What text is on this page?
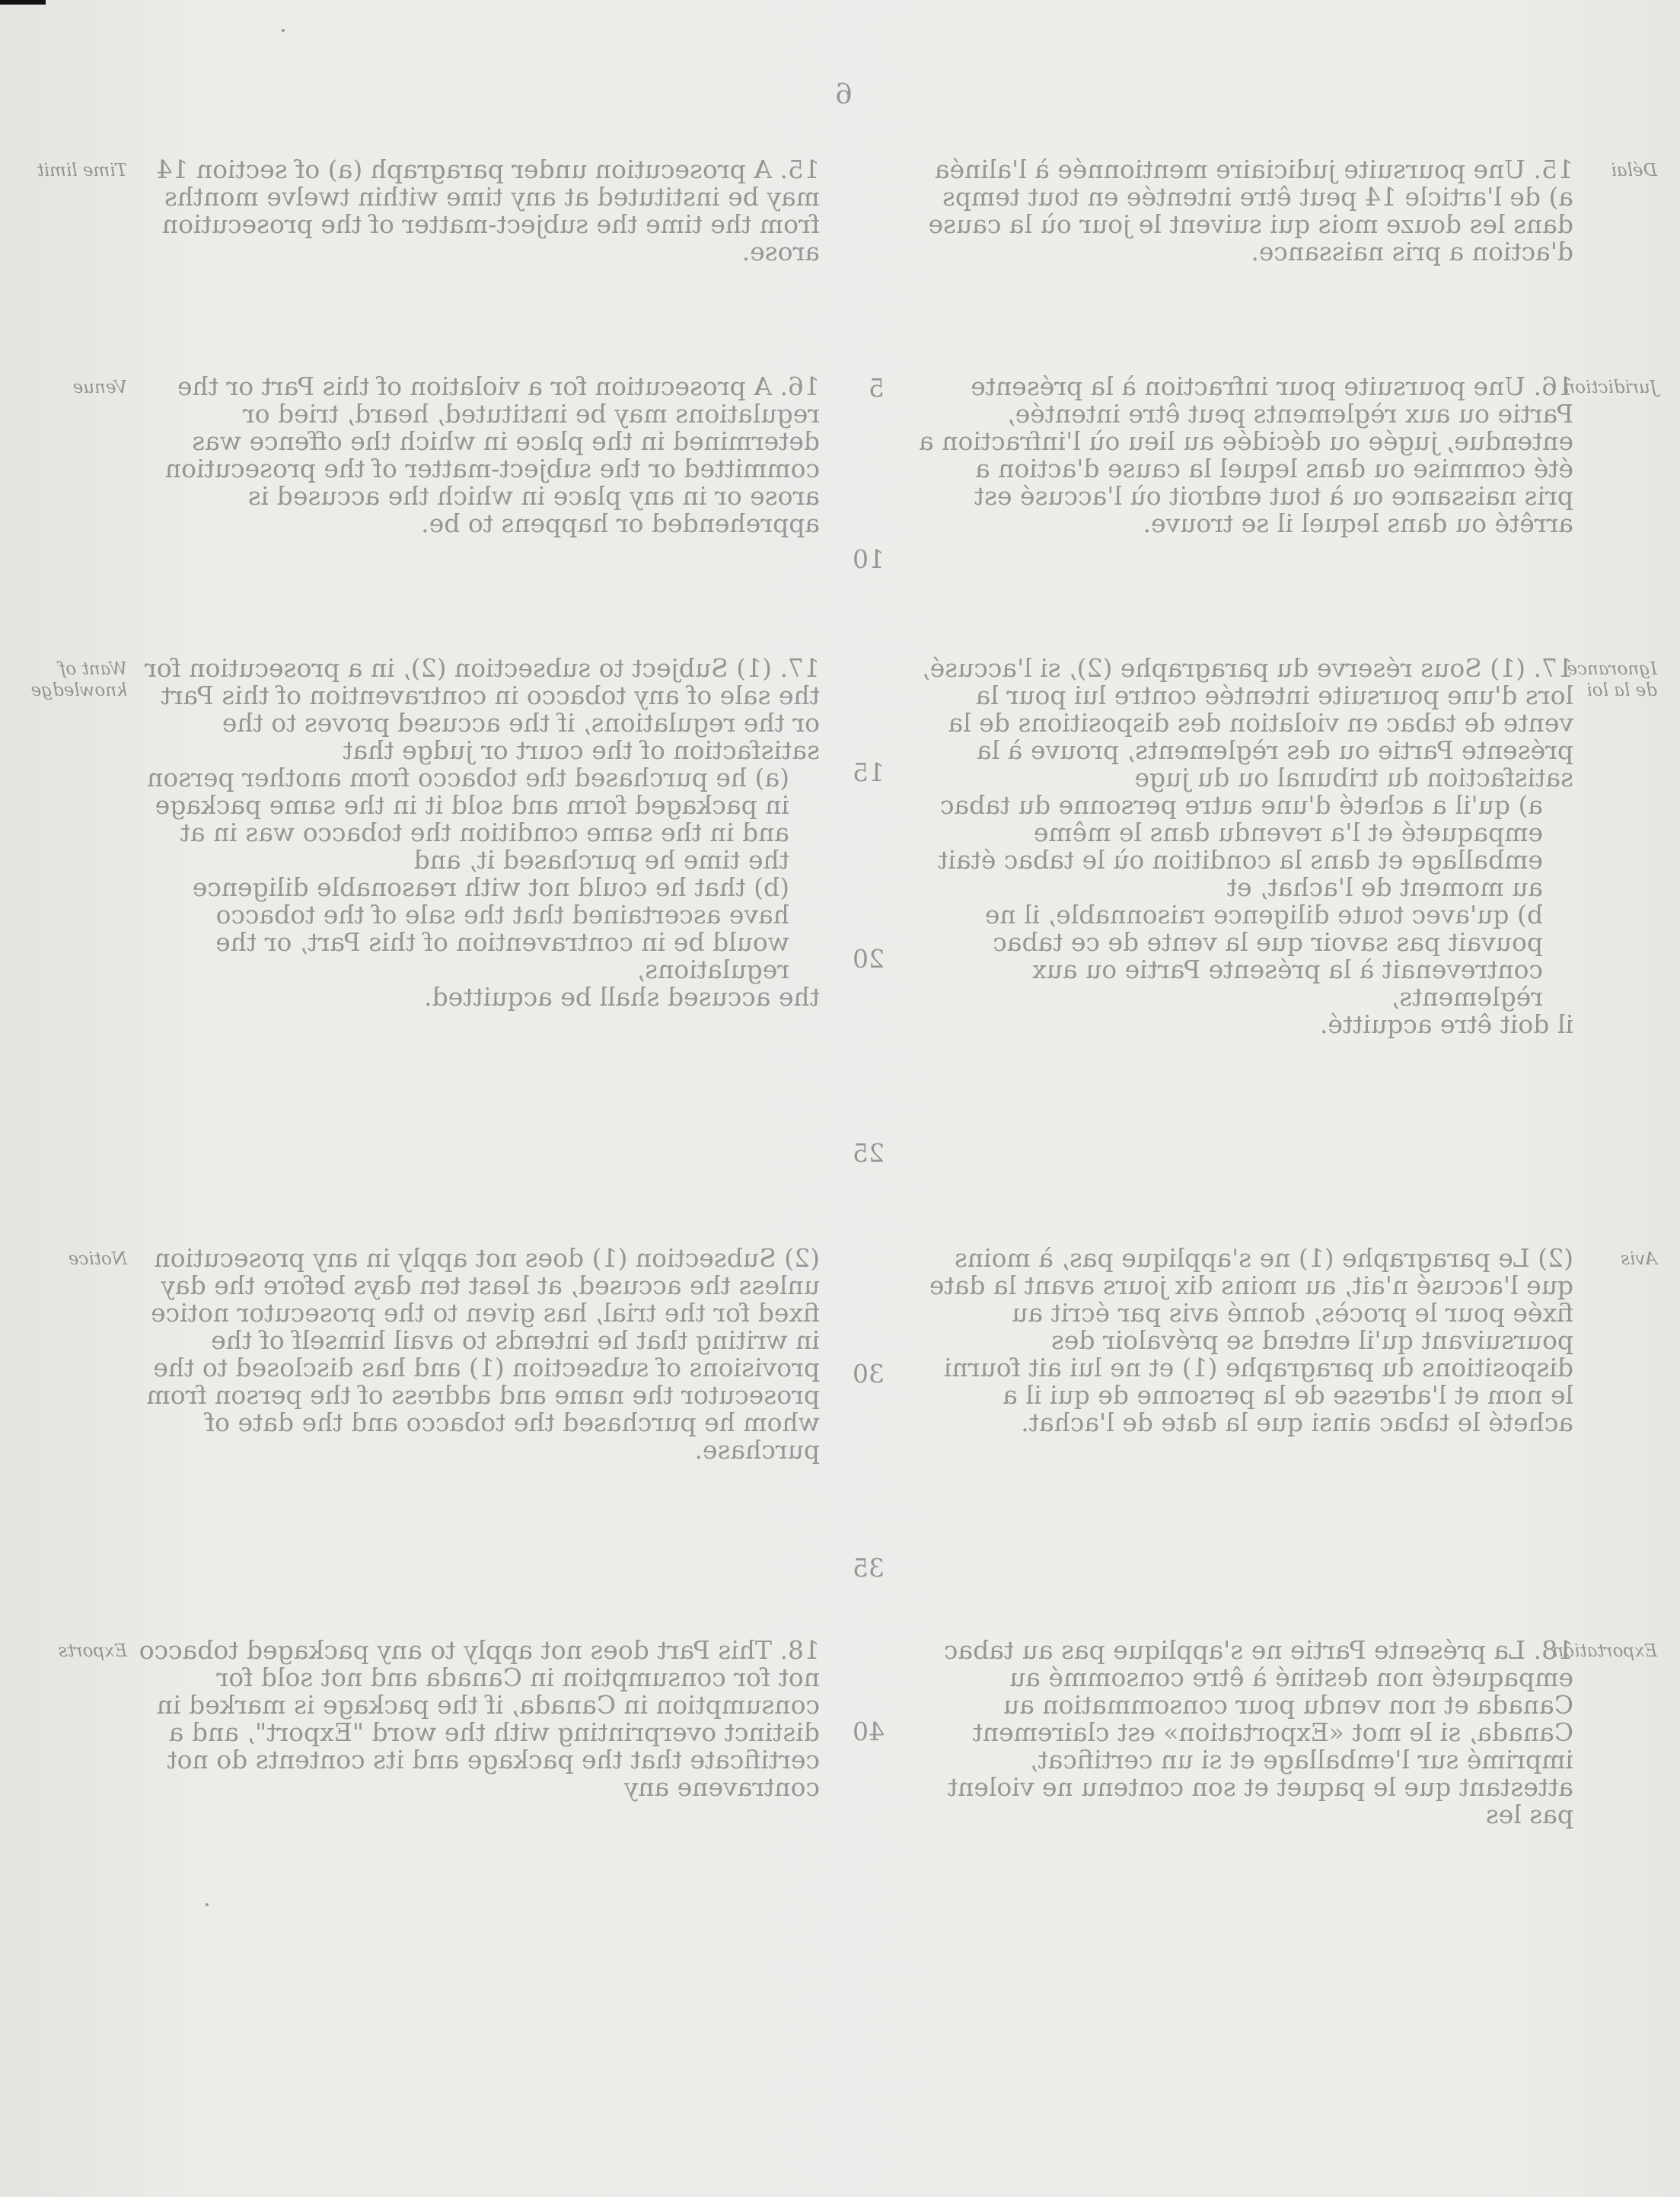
6
Time limit
Venue
Want of knowledge
Notice
Exports

15. A prosecution under paragraph (a) of section 14 may be instituted at any time within twelve months from the time the subject-matter of the prosecution arose.

16. A prosecution for a violation of this Part or the regulations may be instituted, heard, tried or determined in the place in which the offence was committed or the subject-matter of the prosecution arose or in any place in which the accused is apprehended or happens to be.

17. (1) Subject to subsection (2), in a prosecution for the sale of any tobacco in contravention of this Part or the regulations, if the accused proves to the satisfaction of the court or judge that

(a) he purchased the tobacco from another person in packaged form and sold it in the same package and in the same condition the tobacco was in at the time he purchased it, and

(b) that he could not with reasonable diligence have ascertained that the sale of the tobacco would be in contravention of this Part, or the regulations,

the accused shall be acquitted.

(2) Subsection (1) does not apply in any prosecution unless the accused, at least ten days before the day fixed for the trial, has given to the prosecutor notice in writing that he intends to avail himself of the provisions of subsection (1) and has disclosed to the prosecutor the name and address of the person from whom he purchased the tobacco and the date of purchase.

18. This Part does not apply to any packaged tobacco not for consumption in Canada and not sold for consumption in Canada, if the package is marked in distinct overprinting with the word "Export", and a certificate that the package and its contents do not contravene any

Délai
Juridiction
Ignorance de la loi
Avis
Exportation

15. Une poursuite judiciaire mentionnée à l'alinéa a) de l'article 14 peut être intentée en tout temps dans les douze mois qui suivent le jour où la cause d'action a pris naissance.

16. Une poursuite pour infraction à la présente Partie ou aux règlements peut être intentée, entendue, jugée ou décidée au lieu où l'infraction a été commise ou dans lequel la cause d'action a pris naissance ou à tout endroit où l'accusé est arrêté ou dans lequel il se trouve.

17. (1) Sous réserve du paragraphe (2), si l'accusé, lors d'une poursuite intentée contre lui pour la vente de tabac en violation des dispositions de la présente Partie ou des règlements, prouve à la satisfaction du tribunal ou du juge

a) qu'il a acheté d'une autre personne du tabac empaqueté et l'a revendu dans le même emballage et dans la condition où le tabac était au moment de l'achat, et

b) qu'avec toute diligence raisonnable, il ne pouvait pas savoir que la vente de ce tabac contrevenait à la présente Partie ou aux règlements,

il doit être acquitté.

(2) Le paragraphe (1) ne s'applique pas, à moins que l'accusé n'ait, au moins dix jours avant la date fixée pour le procès, donné avis par écrit au poursuivant qu'il entend se prévaloir des dispositions du paragraphe (1) et ne lui ait fourni le nom et l'adresse de la personne de qui il a acheté le tabac ainsi que la date de l'achat.

18. La présente Partie ne s'applique pas au tabac empaqueté non destiné à être consommé au Canada et non vendu pour consommation au Canada, si le mot «Exportation» est clairement imprimé sur l'emballage et si un certificat, attestant que le paquet et son contenu ne violent pas les

5
10
15
20
25
30
35
40
